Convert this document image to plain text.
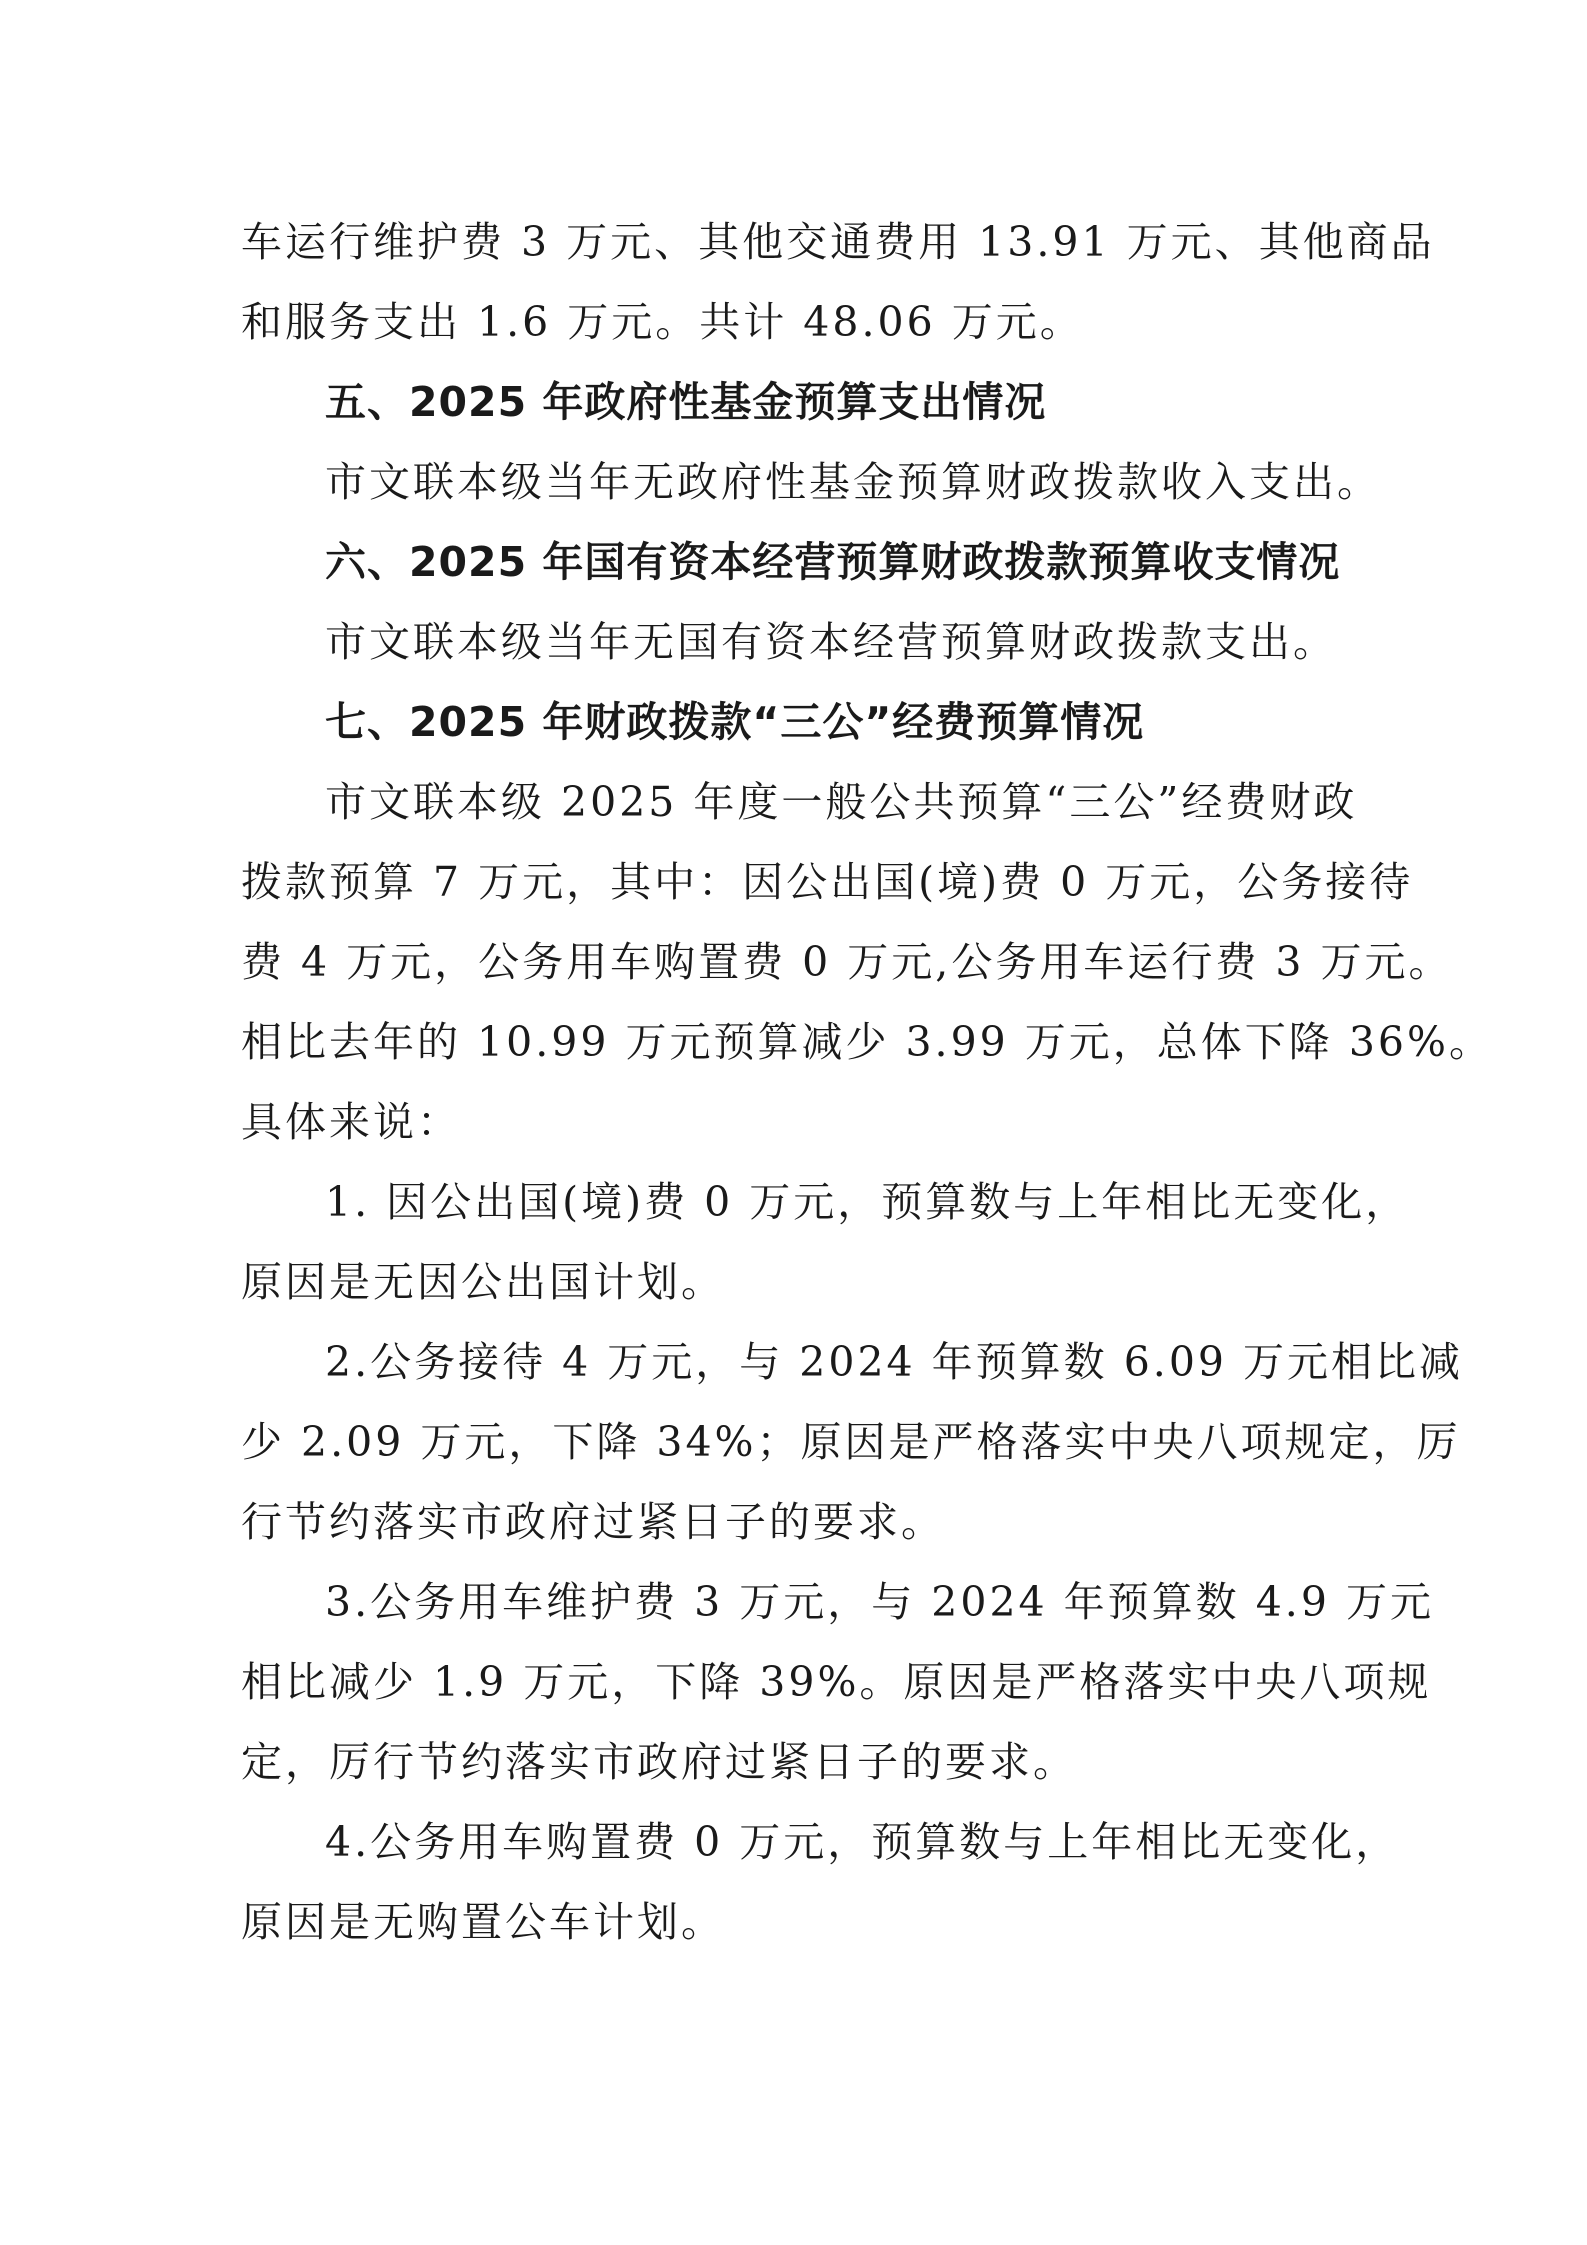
车运行维护费 3 万元、其他交通费用 13.91 万元、其他商品

和服务支出 1.6 万元。共计 48.06 万元。

五、2025 年政府性基金预算支出情况

市文联本级当年无政府性基金预算财政拨款收入支出。

六、2025 年国有资本经营预算财政拨款预算收支情况

市文联本级当年无国有资本经营预算财政拨款支出。

七、2025 年财政拨款“三公”经费预算情况

市文联本级 2025 年度一般公共预算“三公”经费财政

拨款预算 7 万元，其中：因公出国(境)费 0 万元，公务接待

费 4 万元，公务用车购置费 0 万元,公务用车运行费 3 万元。

相比去年的 10.99 万元预算减少 3.99 万元，总体下降 36%。

具体来说：

1. 因公出国(境)费 0 万元，预算数与上年相比无变化，

原因是无因公出国计划。

2.公务接待 4 万元，与 2024 年预算数 6.09 万元相比减

少 2.09 万元，下降 34%；原因是严格落实中央八项规定，厉

行节约落实市政府过紧日子的要求。

3.公务用车维护费 3 万元，与 2024 年预算数 4.9 万元

相比减少 1.9 万元，下降 39%。原因是严格落实中央八项规

定，厉行节约落实市政府过紧日子的要求。

4.公务用车购置费 0 万元，预算数与上年相比无变化，

原因是无购置公车计划。
